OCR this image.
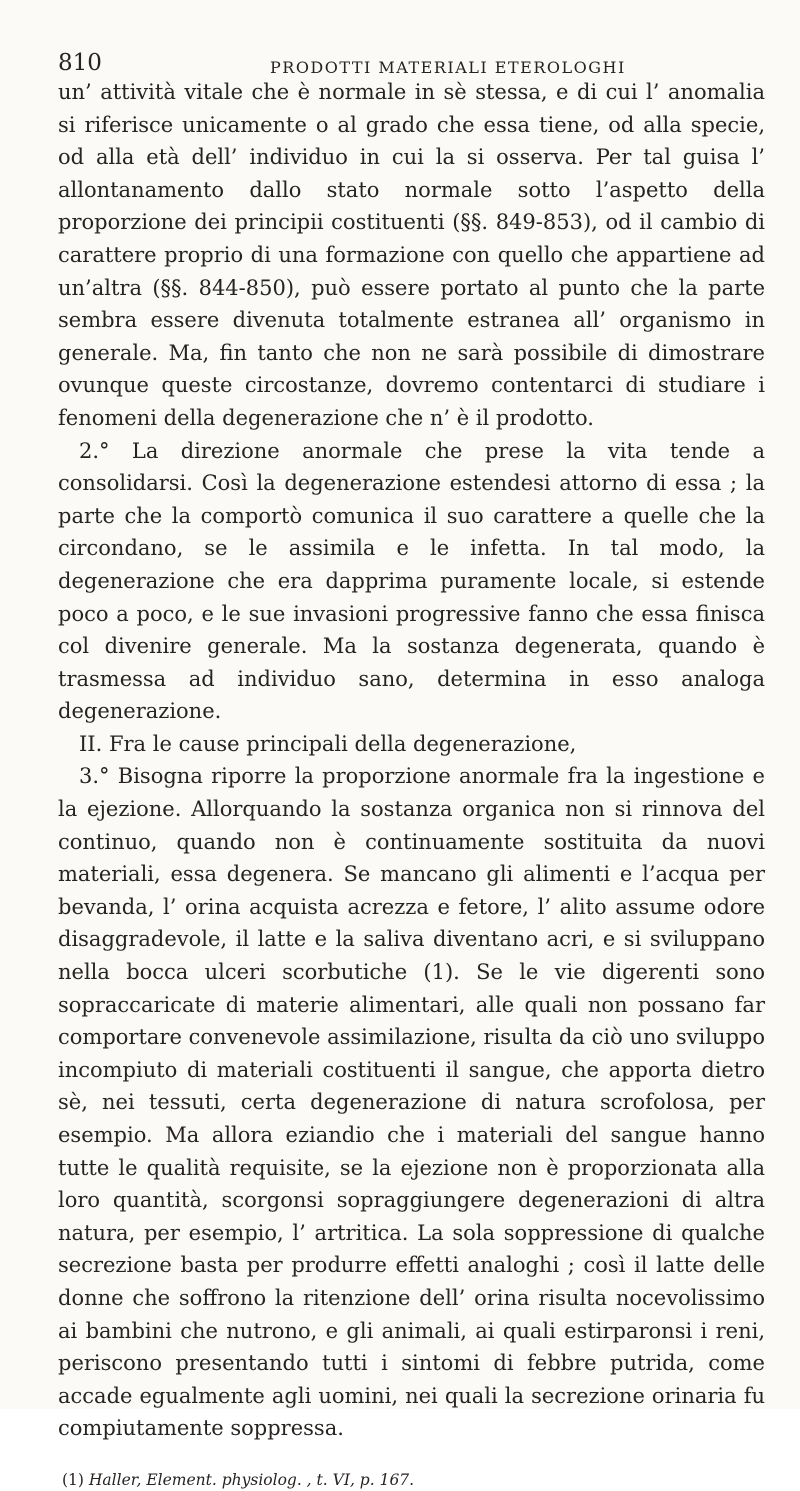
810	PRODOTTI MATERIALI ETEROLOGHI

un’ attività vitale che è normale in sè stessa, e di cui l’ anomalia si riferisce unicamente o al grado che essa tiene, od alla specie, od alla età dell’ individuo in cui la si osserva. Per tal guisa l’ allontanamento dallo stato normale sotto l’aspetto della proporzione dei principii costituenti (§§. 849-853), od il cambio di carattere proprio di una formazione con quello che appartiene ad un’altra (§§. 844-850), può essere portato al punto che la parte sembra essere divenuta totalmente estranea all’ organismo in generale. Ma, fin tanto che non ne sarà possibile di dimostrare ovunque queste circostanze, dovremo contentarci di studiare i fenomeni della degenerazione che n’ è il prodotto.

2.° La direzione anormale che prese la vita tende a consolidarsi. Così la degenerazione estendesi attorno di essa ; la parte che la comportò comunica il suo carattere a quelle che la circondano, se le assimila e le infetta. In tal modo, la degenerazione che era dapprima puramente locale, si estende poco a poco, e le sue invasioni progressive fanno che essa finisca col divenire generale. Ma la sostanza degenerata, quando è trasmessa ad individuo sano, determina in esso analoga degenerazione.

II. Fra le cause principali della degenerazione,

3.° Bisogna riporre la proporzione anormale fra la ingestione e la ejezione. Allorquando la sostanza organica non si rinnova del continuo, quando non è continuamente sostituita da nuovi materiali, essa degenera. Se mancano gli alimenti e l’acqua per bevanda, l’ orina acquista acrezza e fetore, l’ alito assume odore disaggradevole, il latte e la saliva diventano acri, e si sviluppano nella bocca ulceri scorbutiche (1). Se le vie digerenti sono sopraccaricate di materie alimentari, alle quali non possano far comportare convenevole assimilazione, risulta da ciò uno sviluppo incompiuto di materiali costituenti il sangue, che apporta dietro sè, nei tessuti, certa degenerazione di natura scrofolosa, per esempio. Ma allora eziandio che i materiali del sangue hanno tutte le qualità requisite, se la ejezione non è proporzionata alla loro quantità, scorgonsi sopraggiungere degenerazioni di altra natura, per esempio, l’ artritica. La sola soppressione di qualche secrezione basta per produrre effetti analoghi ; così il latte delle donne che soffrono la ritenzione dell’ orina risulta nocevolissimo ai bambini che nutrono, e gli animali, ai quali estirparonsi i reni, periscono presentando tutti i sintomi di febbre putrida, come accade egualmente agli uomini, nei quali la secrezione orinaria fu compiutamente soppressa.

(1) Haller, Element. physiolog. , t. VI, p. 167.
